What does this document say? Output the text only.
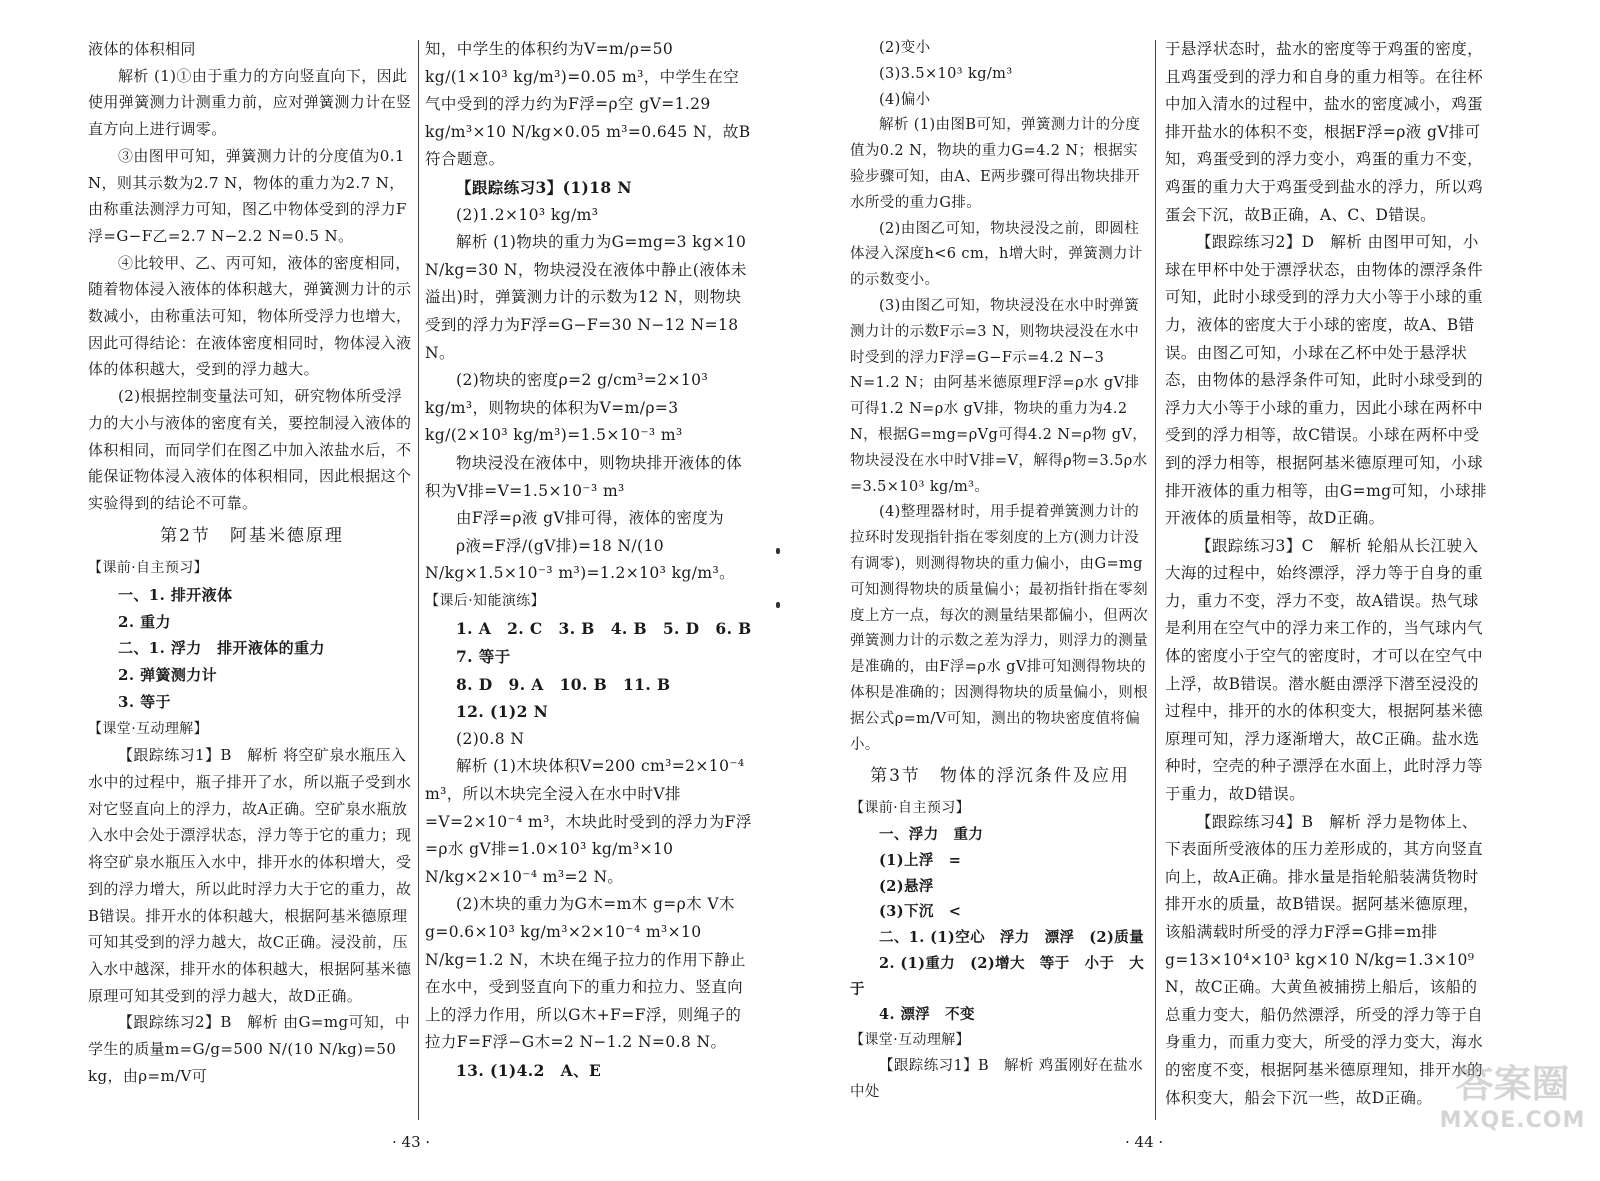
液体的体积相同

解析 (1)①由于重力的方向竖直向下，因此使用弹簧测力计测重力前，应对弹簧测力计在竖直方向上进行调零。

③由图甲可知，弹簧测力计的分度值为0.1 N，则其示数为2.7 N，物体的重力为2.7 N，由称重法测浮力可知，图乙中物体受到的浮力F浮=G−F乙=2.7 N−2.2 N=0.5 N。

④比较甲、乙、丙可知，液体的密度相同，随着物体浸入液体的体积越大，弹簧测力计的示数减小，由称重法可知，物体所受浮力也增大，因此可得结论：在液体密度相同时，物体浸入液体的体积越大，受到的浮力越大。

(2)根据控制变量法可知，研究物体所受浮力的大小与液体的密度有关，要控制浸入液体的体积相同，而同学们在图乙中加入浓盐水后，不能保证物体浸入液体的体积相同，因此根据这个实验得到的结论不可靠。

第2节　阿基米德原理

【课前·自主预习】

一、1. 排开液体

2. 重力

二、1. 浮力　排开液体的重力

2. 弹簧测力计

3. 等于

【课堂·互动理解】

【跟踪练习1】B　解析 将空矿泉水瓶压入水中的过程中，瓶子排开了水，所以瓶子受到水对它竖直向上的浮力，故A正确。空矿泉水瓶放入水中会处于漂浮状态，浮力等于它的重力；现将空矿泉水瓶压入水中，排开水的体积增大，受到的浮力增大，所以此时浮力大于它的重力，故B错误。排开水的体积越大，根据阿基米德原理可知其受到的浮力越大，故C正确。浸没前，压入水中越深，排开水的体积越大，根据阿基米德原理可知其受到的浮力越大，故D正确。

【跟踪练习2】B　解析 由G=mg可知，中学生的质量m=G/g=500 N/(10 N/kg)=50 kg，由ρ=m/V可

知，中学生的体积约为V=m/ρ=50 kg/(1×10³ kg/m³)=0.05 m³，中学生在空气中受到的浮力约为F浮=ρ空 gV=1.29 kg/m³×10 N/kg×0.05 m³=0.645 N，故B符合题意。

【跟踪练习3】(1)18 N

(2)1.2×10³ kg/m³

解析 (1)物块的重力为G=mg=3 kg×10 N/kg=30 N，物块浸没在液体中静止(液体未溢出)时，弹簧测力计的示数为12 N，则物块受到的浮力为F浮=G−F=30 N−12 N=18 N。

(2)物块的密度ρ=2 g/cm³=2×10³ kg/m³，则物块的体积为V=m/ρ=3 kg/(2×10³ kg/m³)=1.5×10⁻³ m³

物块浸没在液体中，则物块排开液体的体积为V排=V=1.5×10⁻³ m³

由F浮=ρ液 gV排可得，液体的密度为

ρ液=F浮/(gV排)=18 N/(10 N/kg×1.5×10⁻³ m³)=1.2×10³ kg/m³。

【课后·知能演练】

1. A　2. C　3. B　4. B　5. D　6. B

7. 等于

8. D　9. A　10. B　11. B

12. (1)2 N

(2)0.8 N

解析 (1)木块体积V=200 cm³=2×10⁻⁴ m³，所以木块完全浸入在水中时V排=V=2×10⁻⁴ m³，木块此时受到的浮力为F浮=ρ水 gV排=1.0×10³ kg/m³×10 N/kg×2×10⁻⁴ m³=2 N。

(2)木块的重力为G木=m木 g=ρ木 V木 g=0.6×10³ kg/m³×2×10⁻⁴ m³×10 N/kg=1.2 N，木块在绳子拉力的作用下静止在水中，受到竖直向下的重力和拉力、竖直向上的浮力作用，所以G木+F=F浮，则绳子的拉力F=F浮−G木=2 N−1.2 N=0.8 N。

13. (1)4.2　A、E

(2)变小

(3)3.5×10³ kg/m³

(4)偏小

解析 (1)由图B可知，弹簧测力计的分度值为0.2 N，物块的重力G=4.2 N；根据实验步骤可知，由A、E两步骤可得出物块排开水所受的重力G排。

(2)由图乙可知，物块浸没之前，即圆柱体浸入深度h<6 cm，h增大时，弹簧测力计的示数变小。

(3)由图乙可知，物块浸没在水中时弹簧测力计的示数F示=3 N，则物块浸没在水中时受到的浮力F浮=G−F示=4.2 N−3 N=1.2 N；由阿基米德原理F浮=ρ水 gV排可得1.2 N=ρ水 gV排，物块的重力为4.2 N，根据G=mg=ρVg可得4.2 N=ρ物 gV，物块浸没在水中时V排=V，解得ρ物=3.5ρ水=3.5×10³ kg/m³。

(4)整理器材时，用手提着弹簧测力计的拉环时发现指针指在零刻度的上方(测力计没有调零)，则测得物块的重力偏小，由G=mg可知测得物块的质量偏小；最初指针指在零刻度上方一点，每次的测量结果都偏小，但两次弹簧测力计的示数之差为浮力，则浮力的测量是准确的，由F浮=ρ水 gV排可知测得物块的体积是准确的；因测得物块的质量偏小，则根据公式ρ=m/V可知，测出的物块密度值将偏小。

第3节　物体的浮沉条件及应用

【课前·自主预习】

一、浮力　重力

(1)上浮　=

(2)悬浮

(3)下沉　<

二、1. (1)空心　浮力　漂浮　(2)质量

2. (1)重力　(2)增大　等于　小于　大于

4. 漂浮　不变

【课堂·互动理解】

【跟踪练习1】B　解析 鸡蛋刚好在盐水中处

于悬浮状态时，盐水的密度等于鸡蛋的密度，且鸡蛋受到的浮力和自身的重力相等。在往杯中加入清水的过程中，盐水的密度减小，鸡蛋排开盐水的体积不变，根据F浮=ρ液 gV排可知，鸡蛋受到的浮力变小，鸡蛋的重力不变，鸡蛋的重力大于鸡蛋受到盐水的浮力，所以鸡蛋会下沉，故B正确，A、C、D错误。

【跟踪练习2】D　解析 由图甲可知，小球在甲杯中处于漂浮状态，由物体的漂浮条件可知，此时小球受到的浮力大小等于小球的重力，液体的密度大于小球的密度，故A、B错误。由图乙可知，小球在乙杯中处于悬浮状态，由物体的悬浮条件可知，此时小球受到的浮力大小等于小球的重力，因此小球在两杯中受到的浮力相等，故C错误。小球在两杯中受到的浮力相等，根据阿基米德原理可知，小球排开液体的重力相等，由G=mg可知，小球排开液体的质量相等，故D正确。

【跟踪练习3】C　解析 轮船从长江驶入大海的过程中，始终漂浮，浮力等于自身的重力，重力不变，浮力不变，故A错误。热气球是利用在空气中的浮力来工作的，当气球内气体的密度小于空气的密度时，才可以在空气中上浮，故B错误。潜水艇由漂浮下潜至浸没的过程中，排开的水的体积变大，根据阿基米德原理可知，浮力逐渐增大，故C正确。盐水选种时，空壳的种子漂浮在水面上，此时浮力等于重力，故D错误。

【跟踪练习4】B　解析 浮力是物体上、下表面所受液体的压力差形成的，其方向竖直向上，故A正确。排水量是指轮船装满货物时排开水的质量，故B错误。据阿基米德原理，该船满载时所受的浮力F浮=G排=m排 g=13×10⁴×10³ kg×10 N/kg=1.3×10⁹ N，故C正确。大黄鱼被捕捞上船后，该船的总重力变大，船仍然漂浮，所受的浮力等于自身重力，而重力变大，所受的浮力变大，海水的密度不变，根据阿基米德原理知，排开水的体积变大，船会下沉一些，故D正确。

· 43 ·	· 44 ·
答案圈
MXQE.COM
